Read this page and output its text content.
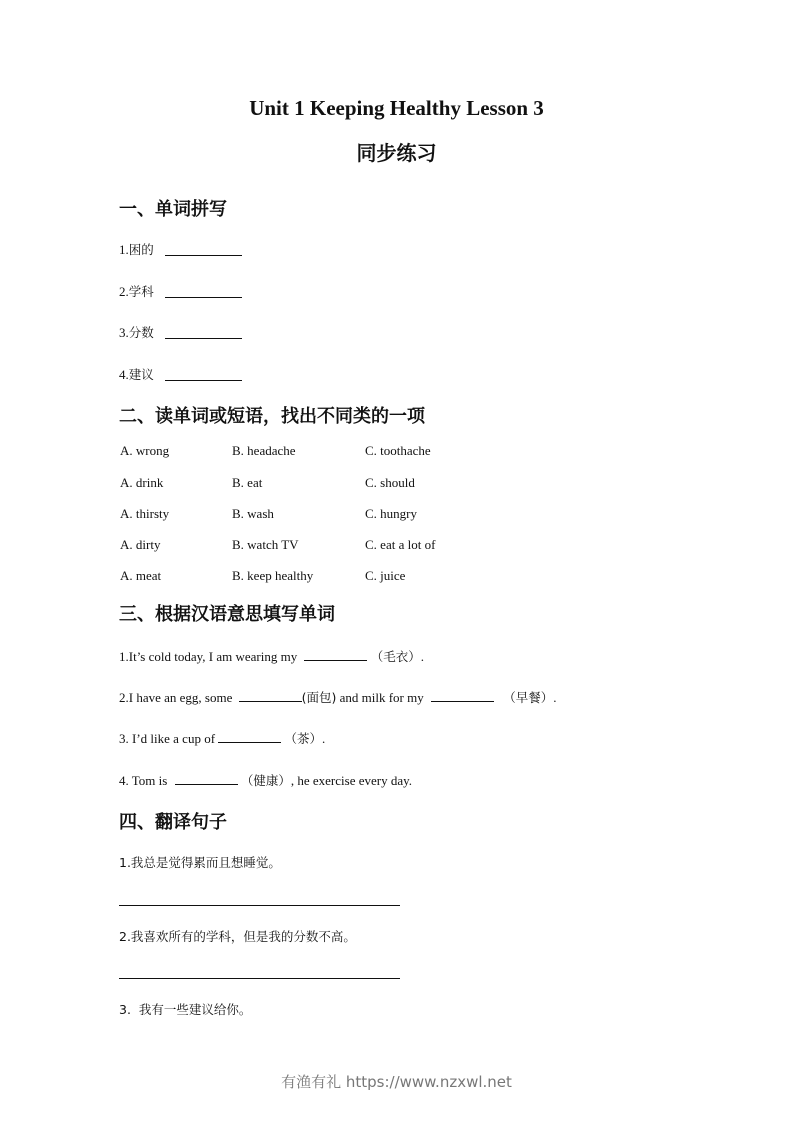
Unit 1 Keeping Healthy Lesson 3
同步练习
一、单词拼写
1.困的
2.学科
3.分数
4.建议
二、读单词或短语，找出不同类的一项
A. wrong	B. headache	C. toothache
A. drink	B. eat	C. should
A. thirsty	B. wash	C. hungry
A. dirty	B. watch TV	C. eat a lot of
A. meat	B. keep healthy	C. juice
三、根据汉语意思填写单词
1.It’s cold today, I am wearing my	（毛衣）.
2.I have an egg, some	(面包) and milk for my	（早餐）.
3. I’d like a cup of	（茶）.
4. Tom is	（健康）, he exercise every day.
四、翻译句子
1.我总是觉得累而且想睡觉。
2.我喜欢所有的学科，但是我的分数不高。
3.  我有一些建议给你。
有渔有礼 https://www.nzxwl.net
